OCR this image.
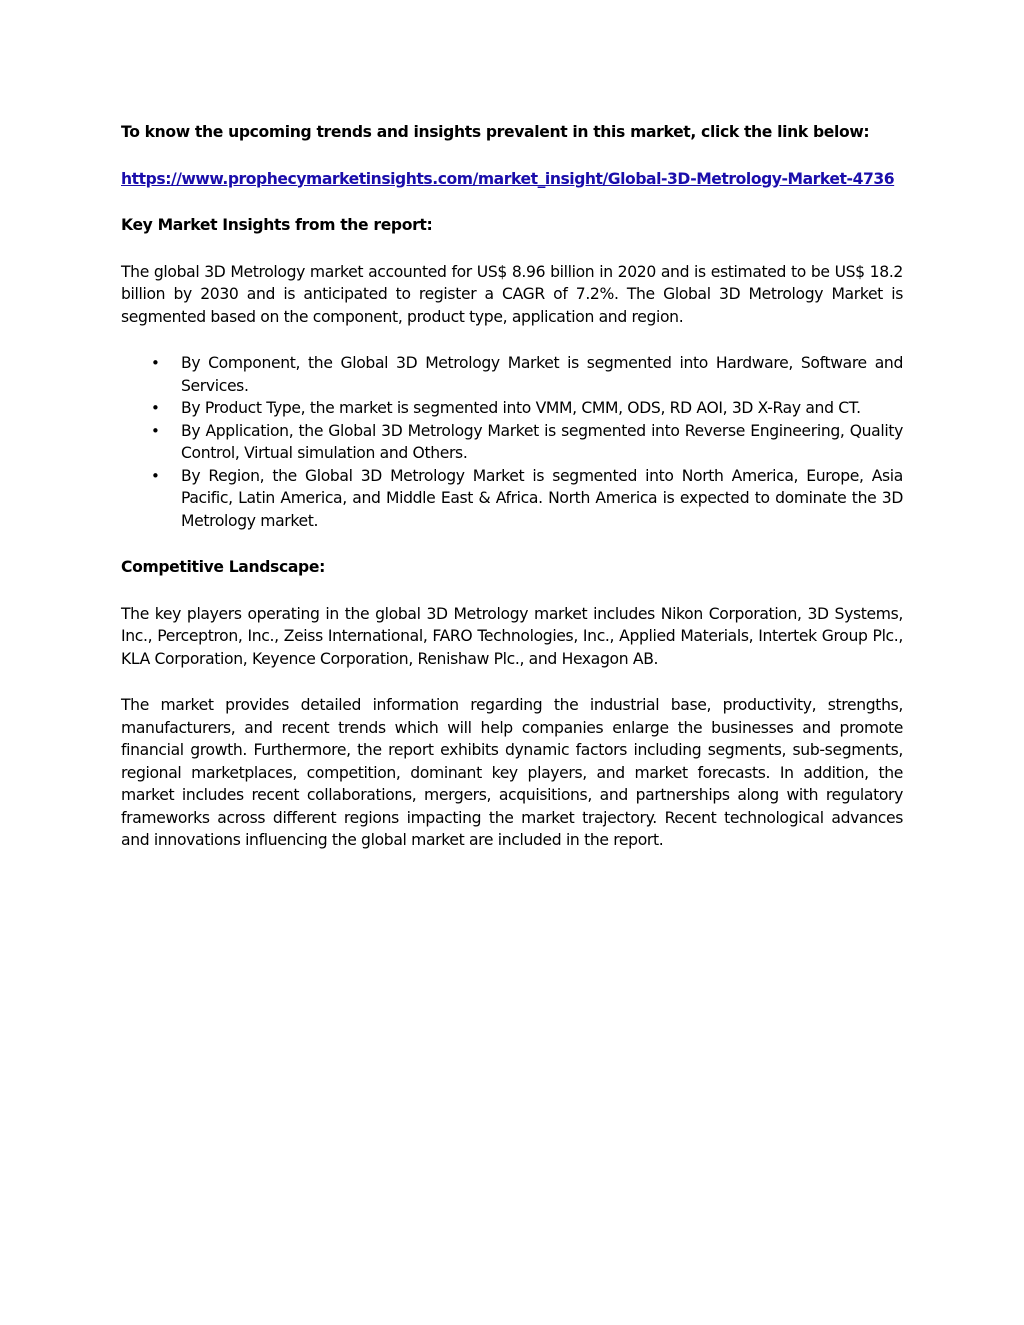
To know the upcoming trends and insights prevalent in this market, click the link below:

https://www.prophecymarketinsights.com/market_insight/Global-3D-Metrology-Market-4736

Key Market Insights from the report:

The global 3D Metrology market accounted for US$ 8.96 billion in 2020 and is estimated to be US$ 18.2 billion by 2030 and is anticipated to register a CAGR of 7.2%. The Global 3D Metrology Market is segmented based on the component, product type, application and region.

• By Component, the Global 3D Metrology Market is segmented into Hardware, Software and Services.
• By Product Type, the market is segmented into VMM, CMM, ODS, RD AOI, 3D X-Ray and CT.
• By Application, the Global 3D Metrology Market is segmented into Reverse Engineering, Quality Control, Virtual simulation and Others.
• By Region, the Global 3D Metrology Market is segmented into North America, Europe, Asia Pacific, Latin America, and Middle East & Africa. North America is expected to dominate the 3D Metrology market.

Competitive Landscape:

The key players operating in the global 3D Metrology market includes Nikon Corporation, 3D Systems, Inc., Perceptron, Inc., Zeiss International, FARO Technologies, Inc., Applied Materials, Intertek Group Plc., KLA Corporation, Keyence Corporation, Renishaw Plc., and Hexagon AB.

The market provides detailed information regarding the industrial base, productivity, strengths, manufacturers, and recent trends which will help companies enlarge the businesses and promote financial growth. Furthermore, the report exhibits dynamic factors including segments, sub-segments, regional marketplaces, competition, dominant key players, and market forecasts. In addition, the market includes recent collaborations, mergers, acquisitions, and partnerships along with regulatory frameworks across different regions impacting the market trajectory. Recent technological advances and innovations influencing the global market are included in the report.
